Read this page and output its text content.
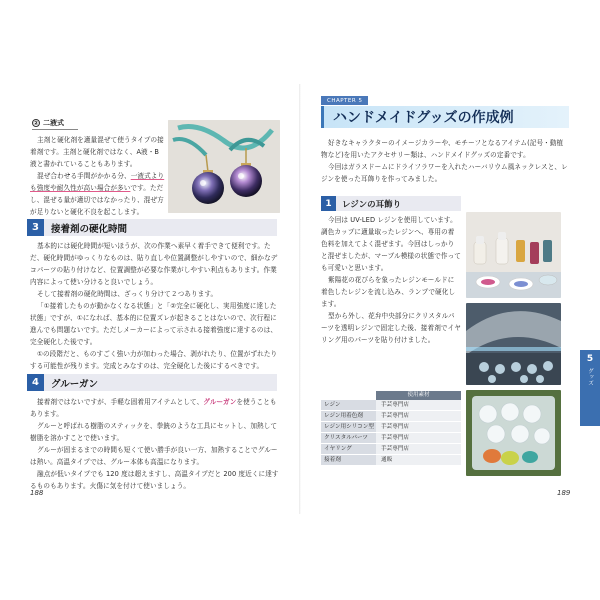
② 二液式

主剤と硬化剤を適量混ぜて使うタイプの接

着剤です。主剤と硬化剤ではなく、A液・B

液と書かれていることもあります。

混ぜ合わせる手間がかかる分、一液式より

も強度や耐久性が高い場合が多いです。ただし、混ぜる量が適切ではなかったり、混ぜ方が足りないと硬化不良を起こします。

3	接着剤の硬化時間

基本的には硬化時間が短いほうが、次の作業へ素早く着手できて便利です。ただ、硬化時間がゆっくりなものは、貼り直しや位置調整がしやすいので、細かなデコパーツの貼り付けなど、位置調整が必要な作業がしやすい利点もあります。作業内容によって使い分けると良いでしょう。

そして接着剤の硬化時間は、ざっくり分けて２つあります。

「①接着したものが動かなくなる状態」と「②完全に硬化し、実用強度に達した状態」ですが、①になれば、基本的に位置ズレが起きることはないので、次行程に進んでも問題ないです。ただしメーカーによって示される接着強度に達するのは、完全硬化した後です。

①の段階だと、ものすごく強い力が加わった場合、剥がれたり、位置がずれたりする可能性が残ります。完成とみなすのは、完全硬化した後にするべきです。

4	グルーガン

接着剤ではないですが、手軽な固着用アイテムとして、グルーガンを使うこともあります。

グルーと呼ばれる樹脂のスティックを、拳銃のような工具にセットし、加熱して樹脂を溶かすことで使います。

グルーが固まるまでの時間も短くて使い勝手が良い一方、加熱することでグルーは熱い。高温タイプでは、グルー本体も高温になります。

融点が低いタイプでも 120 度は超えますし、高温タイプだと 200 度近くに達するものもあります。火傷に気を付けて使いましょう。

188
CHAPTER 5
ハンドメイドグッズの作成例

好きなキャラクターのイメージカラーや、モチーフとなるアイテム(記号・動植物など)を用いたアクセサリー類は、ハンドメイドグッズの定番です。

今回はガラスドームにドライフラワーを入れたハーバリウム風ネックレスと、レジンを使った耳飾りを作ってみました。

1	レジンの耳飾り

今回は UV-LED レジンを使用しています。調色カップに適量取ったレジンへ、専用の着色料を加えてよく混ぜます。今回はしっかりと混ぜましたが、マーブル模様の状態で作っても可愛いと思います。

紫陽花の花びらを象ったレジンモールドに着色したレジンを流し込み、ランプで硬化します。

型から外し、花弁中央部分にクリスタルパーツを透明レジンで固定した後、接着剤でイヤリング用のパーツを貼り付けました。

使用素材
レジン	手芸専門店
レジン用着色剤	手芸専門店
レジン用シリコン型	手芸専門店
クリスタルパーツ	手芸専門店
イヤリング	手芸専門店
接着剤	通販
5
グッズ
189
